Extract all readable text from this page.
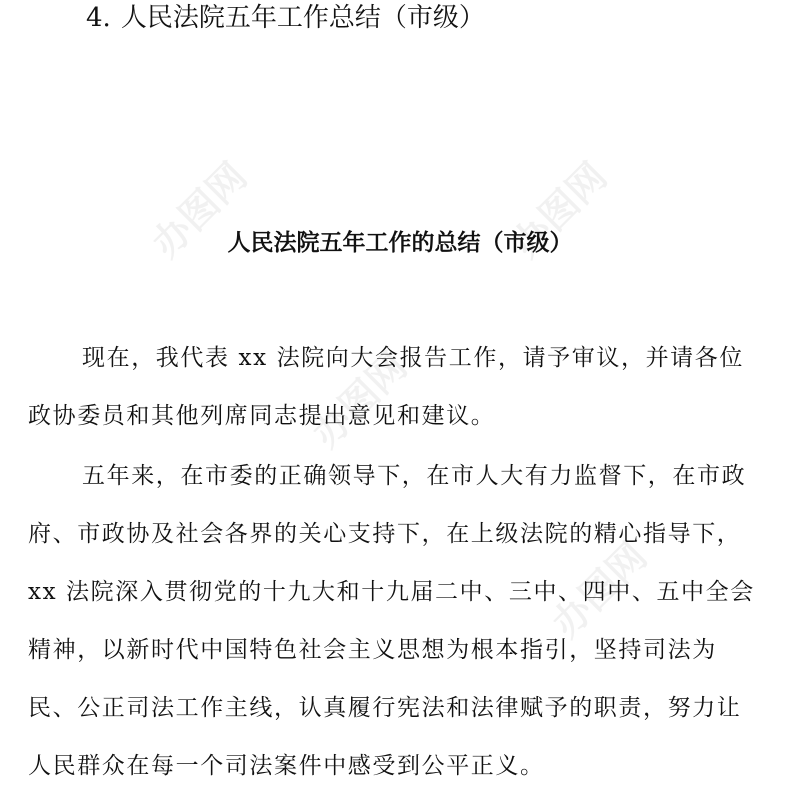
4. 人民法院五年工作总结（市级）
人民法院五年工作的总结（市级）

现在，我代表 xx 法院向大会报告工作，请予审议，并请各位

政协委员和其他列席同志提出意见和建议。

五年来，在市委的正确领导下，在市人大有力监督下，在市政

府、市政协及社会各界的关心支持下，在上级法院的精心指导下，

xx 法院深入贯彻党的十九大和十九届二中、三中、四中、五中全会

精神，以新时代中国特色社会主义思想为根本指引，坚持司法为

民、公正司法工作主线，认真履行宪法和法律赋予的职责，努力让

人民群众在每一个司法案件中感受到公平正义。

办图网	办图网
办图网
办图网
